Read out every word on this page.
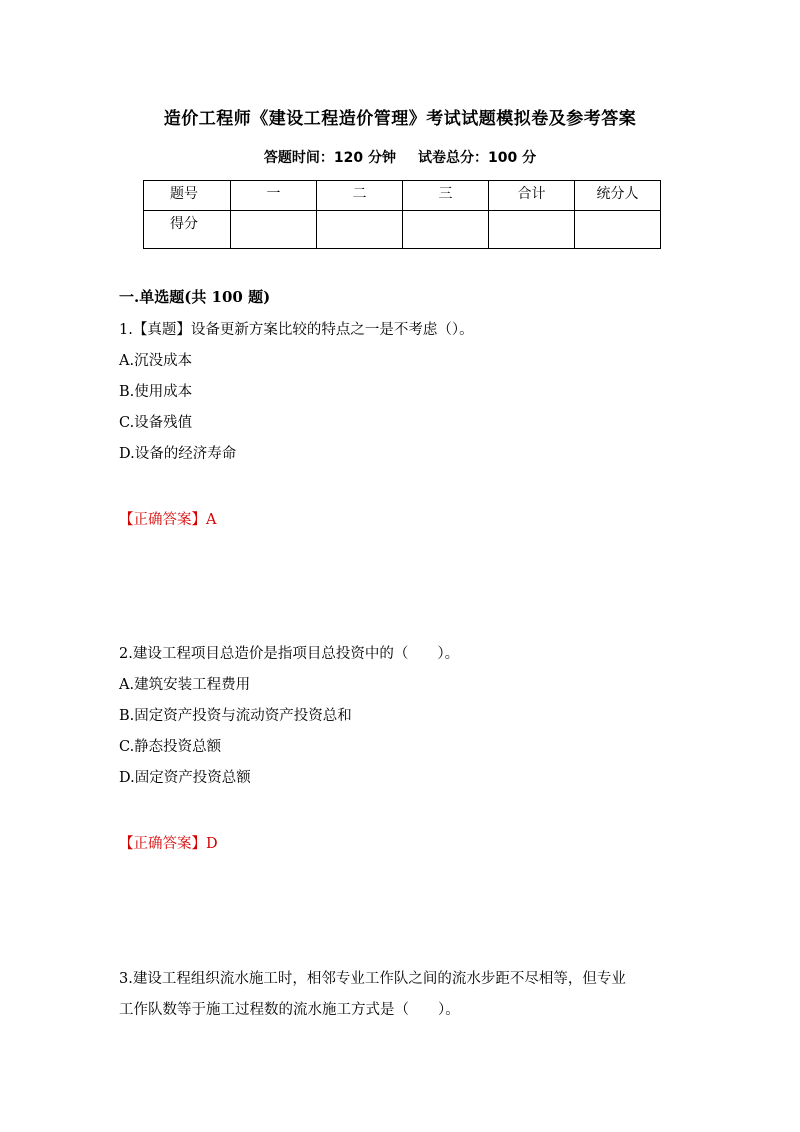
造价工程师《建设工程造价管理》考试试题模拟卷及参考答案
答题时间：120 分钟 试卷总分：100 分
题号	一	二	三	合计	统分人
得分					
一.单选题(共 100 题)
1.【真题】设备更新方案比较的特点之一是不考虑（）。
A.沉没成本
B.使用成本
C.设备残值
D.设备的经济寿命
【正确答案】A
2.建设工程项目总造价是指项目总投资中的（　　）。
A.建筑安装工程费用
B.固定资产投资与流动资产投资总和
C.静态投资总额
D.固定资产投资总额
【正确答案】D
3.建设工程组织流水施工时，相邻专业工作队之间的流水步距不尽相等，但专业
工作队数等于施工过程数的流水施工方式是（　　）。
